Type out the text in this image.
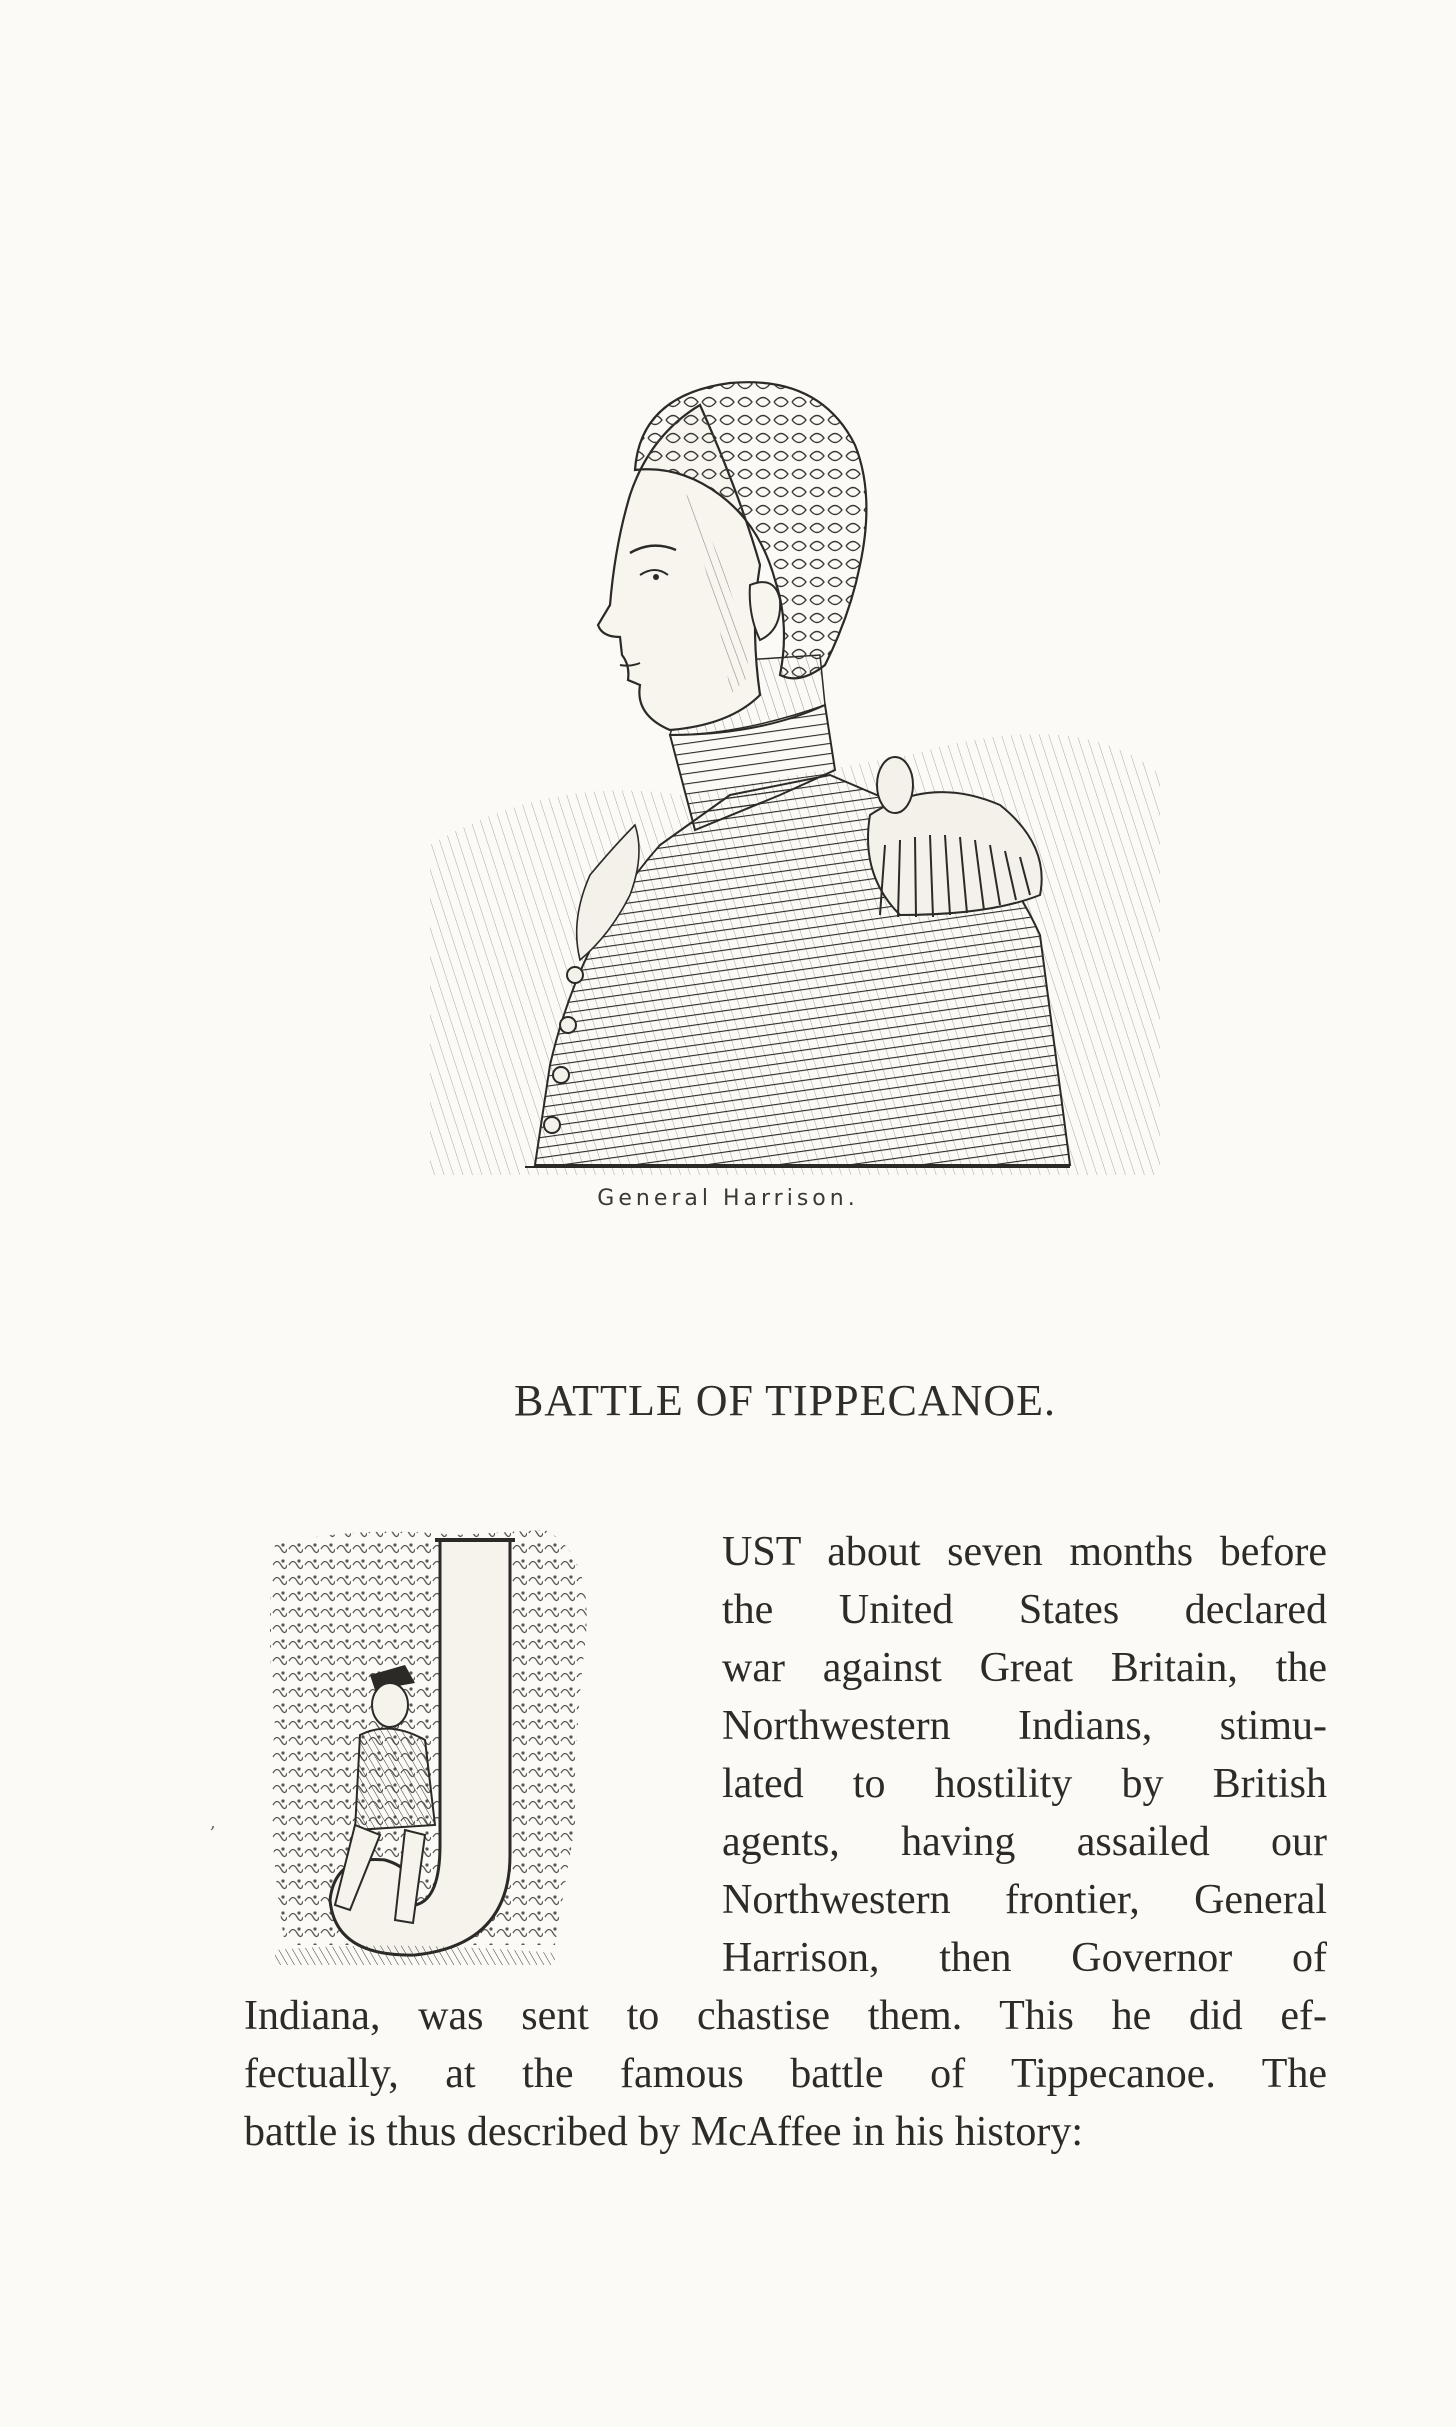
General Harrison.
BATTLE OF TIPPECANOE.
,
UST about seven months before
the United States declared
war against Great Britain, the
Northwestern Indians, stimu-
lated to hostility by British
agents, having assailed our
Northwestern frontier, General
Harrison, then Governor of
Indiana, was sent to chastise them. This he did ef-
fectually, at the famous battle of Tippecanoe. The
battle is thus described by McAffee in his history:
